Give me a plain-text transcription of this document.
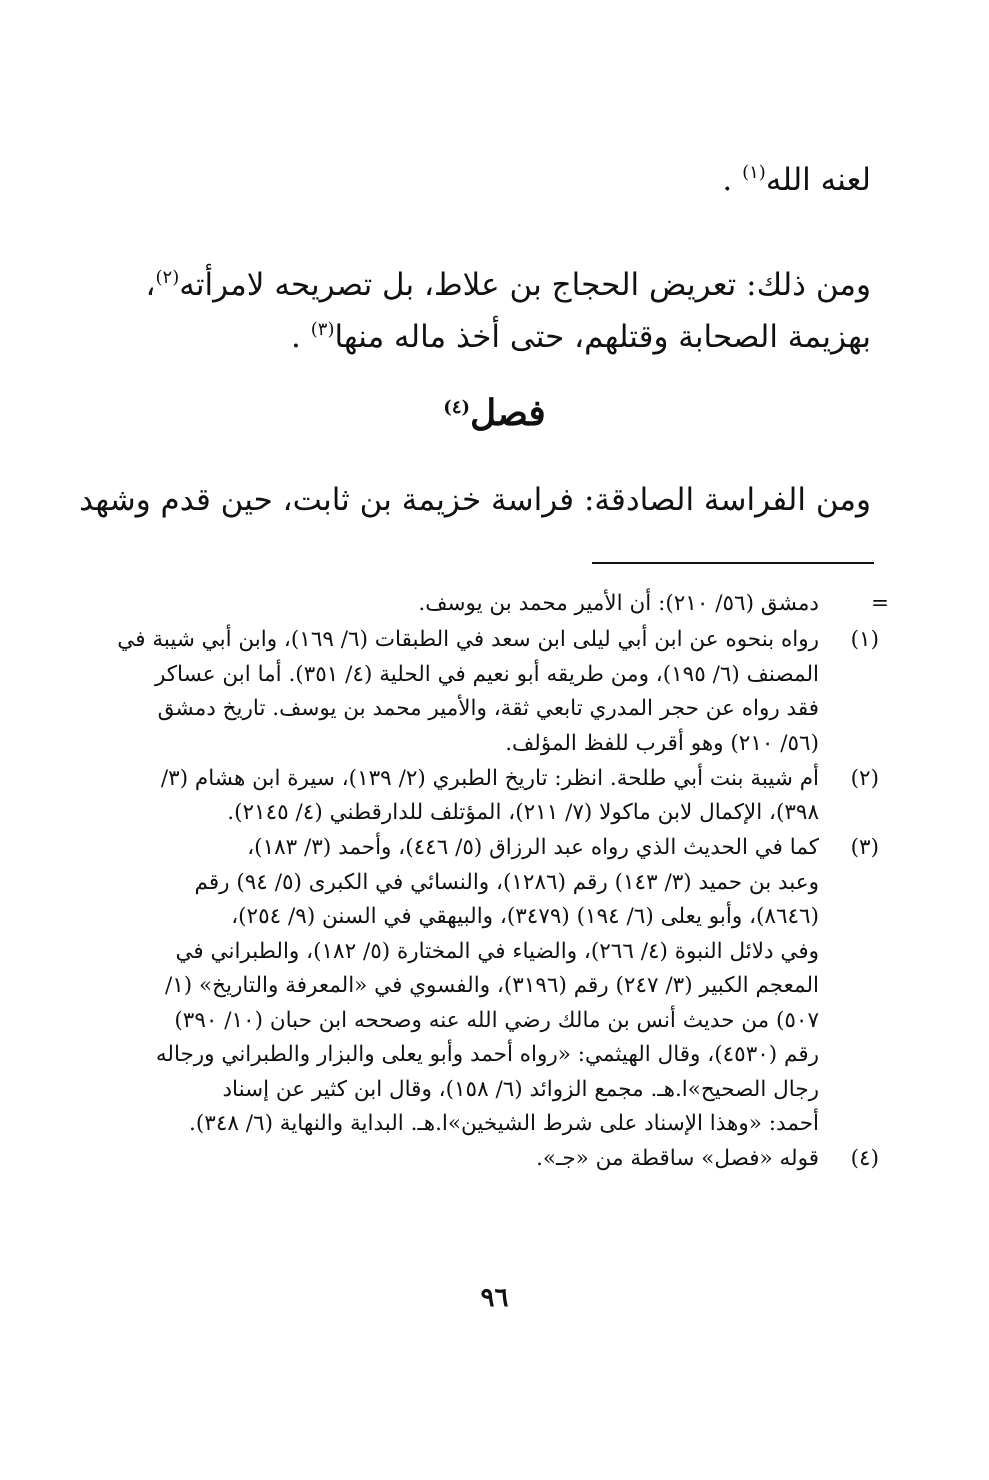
لعنه الله$^{(١)}$ .

ومن ذلك: تعريض الحجاج بن علاط، بل تصريحه لامرأته$^{(٢)}$،

بهزيمة الصحابة وقتلهم، حتى أخذ ماله منها$^{(٣)}$ .

فصل$^{(٤)}$

ومن الفراسة الصادقة: فراسة خزيمة بن ثابت، حين قدم وشهد

=
دمشق (٥٦/ ٢١٠): أن الأمير محمد بن يوسف.
(١)
رواه بنحوه عن ابن أبي ليلى ابن سعد في الطبقات (٦/ ١٦٩)، وابن أبي شيبة في
المصنف (٦/ ١٩٥)، ومن طريقه أبو نعيم في الحلية (٤/ ٣٥١). أما ابن عساكر
فقد رواه عن حجر المدري تابعي ثقة، والأمير محمد بن يوسف. تاريخ دمشق
(٥٦/ ٢١٠) وهو أقرب للفظ المؤلف.
(٢)
أم شيبة بنت أبي طلحة. انظر: تاريخ الطبري (٢/ ١٣٩)، سيرة ابن هشام (٣/
٣٩٨)، الإكمال لابن ماكولا (٧/ ٢١١)، المؤتلف للدارقطني (٤/ ٢١٤٥).
(٣)
كما في الحديث الذي رواه عبد الرزاق (٥/ ٤٤٦)، وأحمد (٣/ ١٨٣)،
وعبد بن حميد (٣/ ١٤٣) رقم (١٢٨٦)، والنسائي في الكبرى (٥/ ٩٤) رقم
(٨٦٤٦)، وأبو يعلى (٦/ ١٩٤) (٣٤٧٩)، والبيهقي في السنن (٩/ ٢٥٤)،
وفي دلائل النبوة (٤/ ٢٦٦)، والضياء في المختارة (٥/ ١٨٢)، والطبراني في
المعجم الكبير (٣/ ٢٤٧) رقم (٣١٩٦)، والفسوي في «المعرفة والتاريخ» (١/
٥٠٧) من حديث أنس بن مالك رضي الله عنه وصححه ابن حبان (١٠/ ٣٩٠)
رقم (٤٥٣٠)، وقال الهيثمي: «رواه أحمد وأبو يعلى والبزار والطبراني ورجاله
رجال الصحيح»ا.هـ. مجمع الزوائد (٦/ ١٥٨)، وقال ابن كثير عن إسناد
أحمد: «وهذا الإسناد على شرط الشيخين»ا.هـ. البداية والنهاية (٦/ ٣٤٨).
(٤)
قوله «فصل» ساقطة من «جـ».
٩٦
